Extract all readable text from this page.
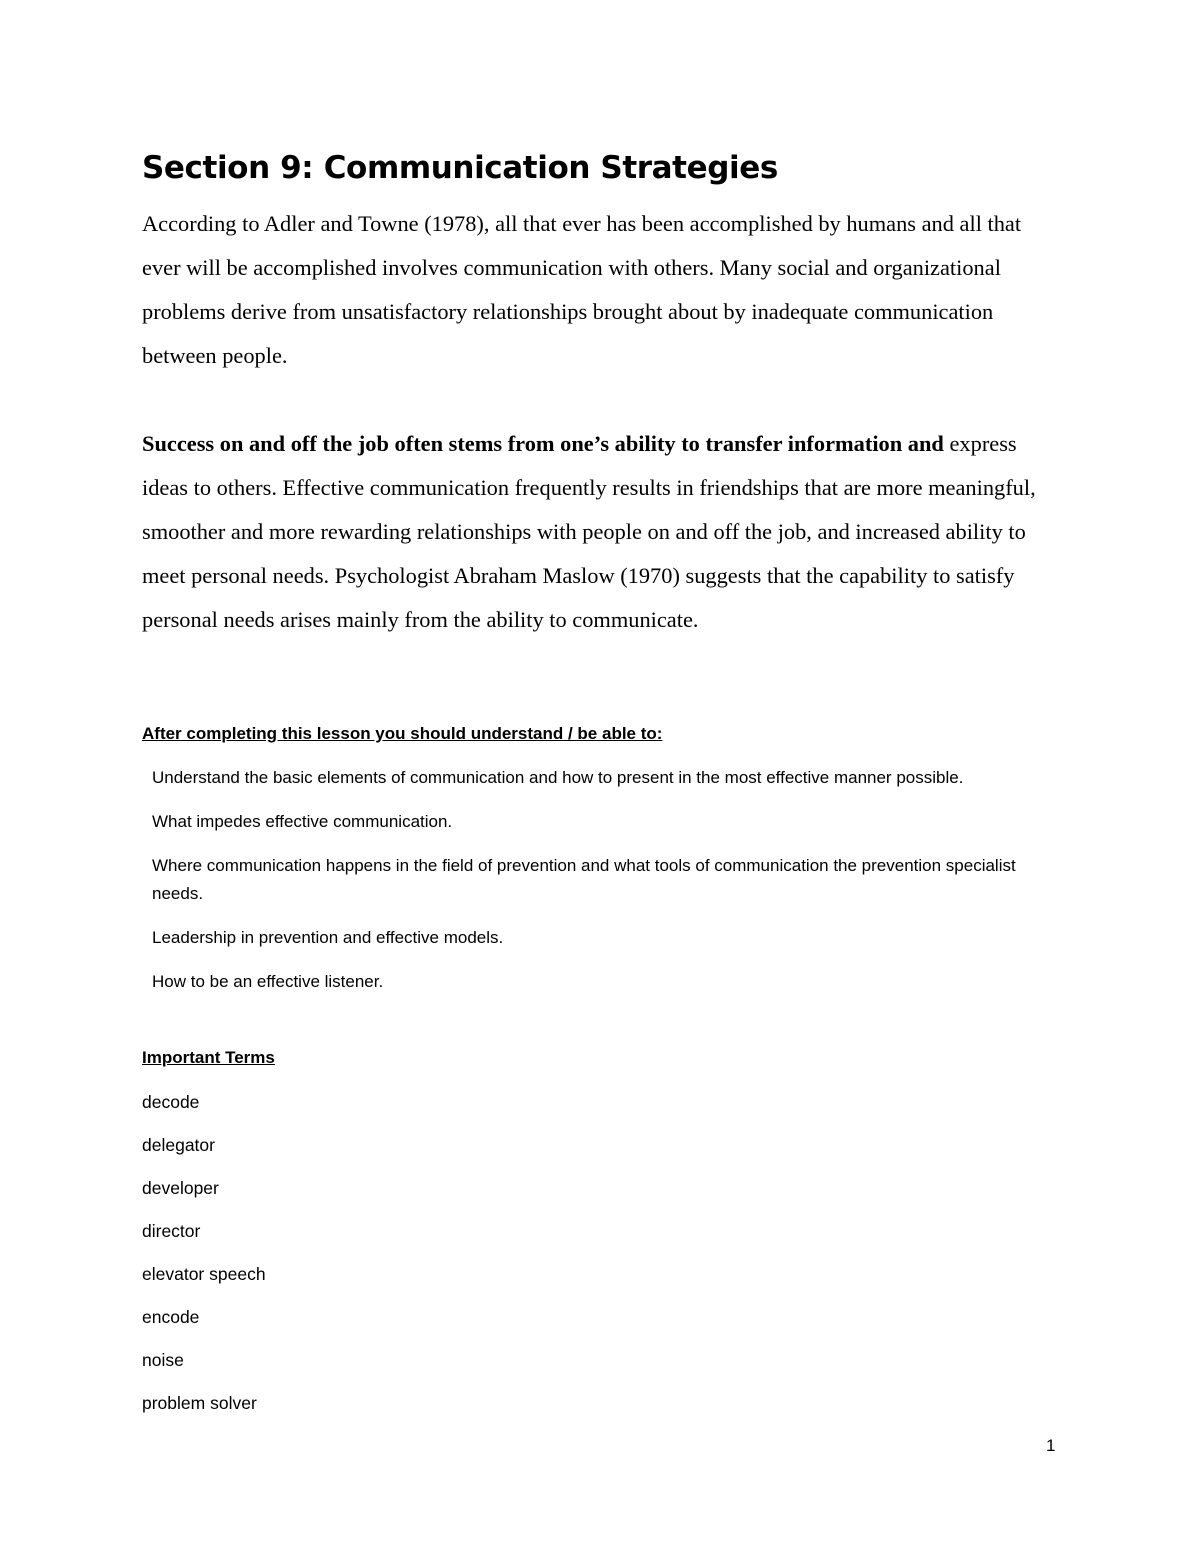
Section 9: Communication Strategies

According to Adler and Towne (1978), all that ever has been accomplished by humans and all that ever will be accomplished involves communication with others. Many social and organizational problems derive from unsatisfactory relationships brought about by inadequate communication between people.

Success on and off the job often stems from one’s ability to transfer information and express ideas to others. Effective communication frequently results in friendships that are more meaningful, smoother and more rewarding relationships with people on and off the job, and increased ability to meet personal needs. Psychologist Abraham Maslow (1970) suggests that the capability to satisfy personal needs arises mainly from the ability to communicate.

After completing this lesson you should understand / be able to:
Understand the basic elements of communication and how to present in the most effective manner possible.
What impedes effective communication.
Where communication happens in the field of prevention and what tools of communication the prevention specialist needs.
Leadership in prevention and effective models.
How to be an effective listener.
Important Terms
decode
delegator
developer
director
elevator speech
encode
noise
problem solver
1
